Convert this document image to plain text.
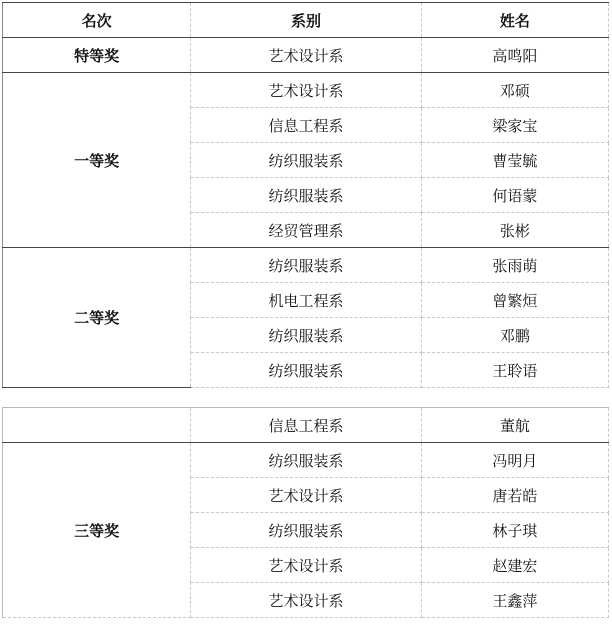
名次	系别	姓名
特等奖	艺术设计系	高鸣阳
一等奖	艺术设计系	邓硕
	信息工程系	梁家宝
	纺织服装系	曹莹毓
	纺织服装系	何语蒙
	经贸管理系	张彬
二等奖	纺织服装系	张雨萌
	机电工程系	曾繁烜
	纺织服装系	邓鹏
	纺织服装系	王聆语
	信息工程系	董航
三等奖	纺织服装系	冯明月
	艺术设计系	唐若皓
	纺织服装系	林子琪
	艺术设计系	赵建宏
	艺术设计系	王鑫萍
